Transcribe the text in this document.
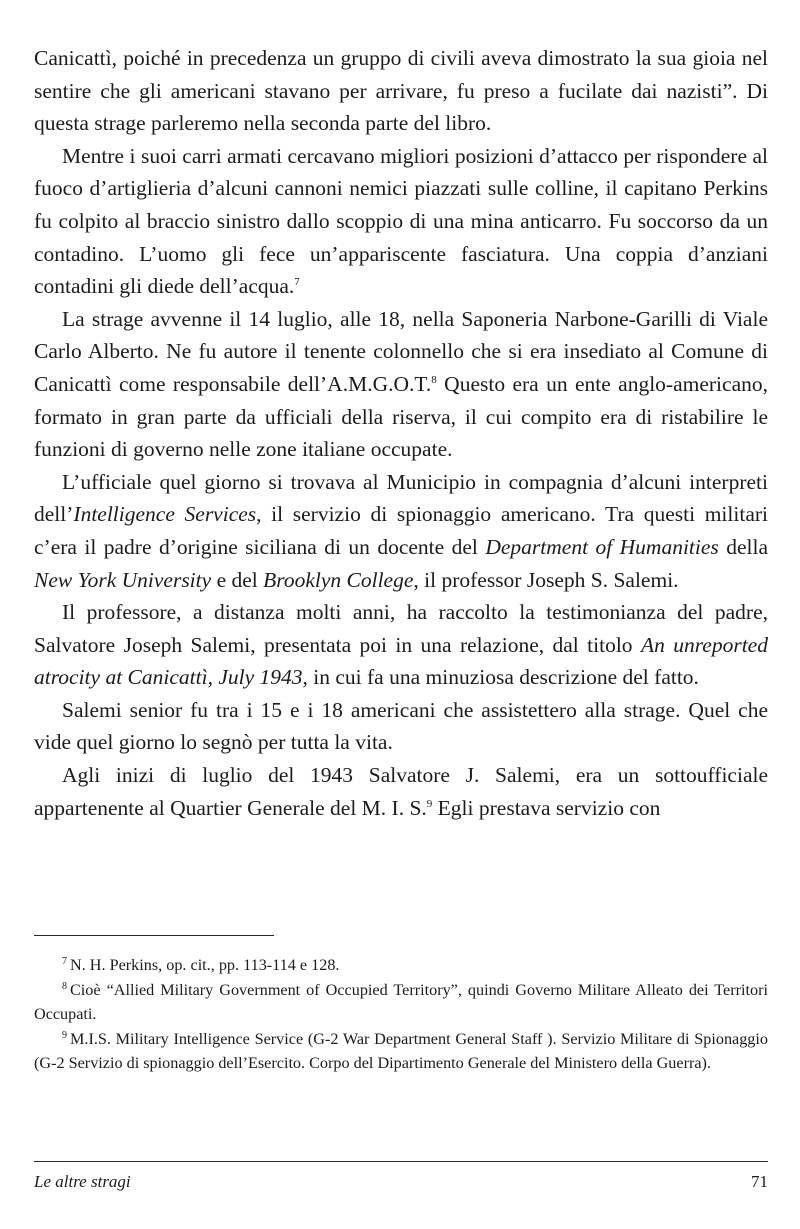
Canicattì, poiché in precedenza un gruppo di civili aveva dimostrato la sua gioia nel sentire che gli americani stavano per arrivare, fu preso a fucilate dai nazisti”. Di questa strage parleremo nella seconda parte del libro.

Mentre i suoi carri armati cercavano migliori posizioni d’attacco per rispondere al fuoco d’artiglieria d’alcuni cannoni nemici piazzati sulle colline, il capitano Perkins fu colpito al braccio sinistro dallo scoppio di una mina anticarro. Fu soccorso da un contadino. L’uomo gli fece un’appariscente fasciatura. Una coppia d’anziani contadini gli diede dell’acqua.$^7$

La strage avvenne il 14 luglio, alle 18, nella Saponeria Narbone-Garilli di Viale Carlo Alberto. Ne fu autore il tenente colonnello che si era insediato al Comune di Canicattì come responsabile dell’A.M.G.O.T.$^8$ Questo era un ente anglo-americano, formato in gran parte da ufficiali della riserva, il cui compito era di ristabilire le funzioni di governo nelle zone italiane occupate.

L’ufficiale quel giorno si trovava al Municipio in compagnia d’alcuni interpreti dell’Intelligence Services, il servizio di spionaggio americano. Tra questi militari c’era il padre d’origine siciliana di un docente del Department of Humanities della New York University e del Brooklyn College, il professor Joseph S. Salemi.

Il professore, a distanza molti anni, ha raccolto la testimonianza del padre, Salvatore Joseph Salemi, presentata poi in una relazione, dal titolo An unreported atrocity at Canicattì, July 1943, in cui fa una minuziosa descrizione del fatto.

Salemi senior fu tra i 15 e i 18 americani che assistettero alla strage. Quel che vide quel giorno lo segnò per tutta la vita.

Agli inizi di luglio del 1943 Salvatore J. Salemi, era un sottoufficiale appartenente al Quartier Generale del M. I. S.$^9$ Egli prestava servizio con

$^7$ N. H. Perkins, op. cit., pp. 113-114 e 128.

$^8$ Cioè “Allied Military Government of Occupied Territory”, quindi Governo Militare Alleato dei Territori Occupati.

$^9$ M.I.S. Military Intelligence Service (G-2 War Department General Staff ). Servizio Militare di Spionaggio (G-2 Servizio di spionaggio dell’Esercito. Corpo del Dipartimento Generale del Ministero della Guerra).

Le altre stragi	71
